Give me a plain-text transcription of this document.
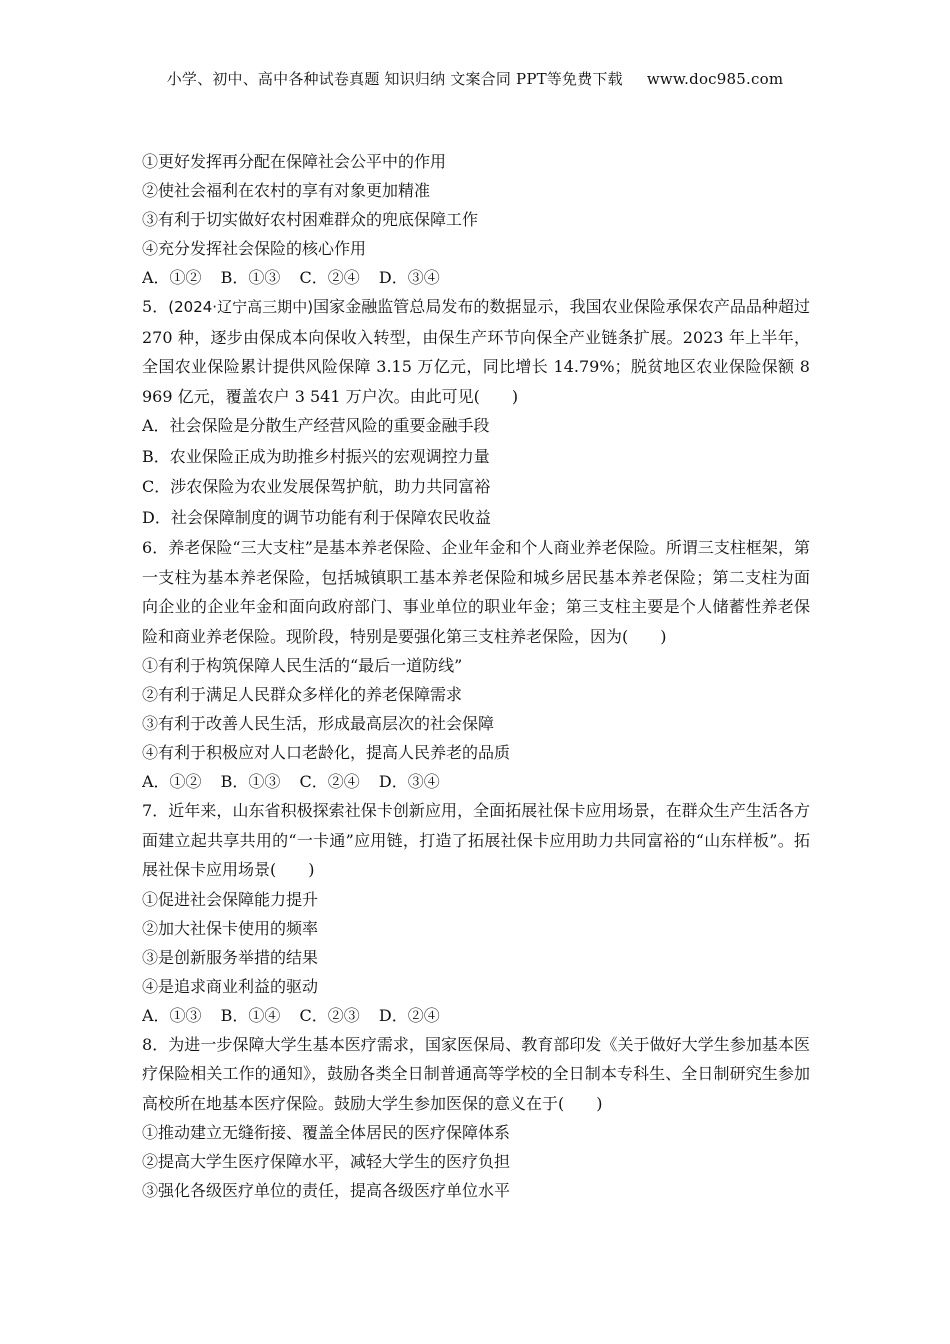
小学、初中、高中各种试卷真题 知识归纳 文案合同 PPT等免费下载 www.doc985.com
①更好发挥再分配在保障社会公平中的作用
②使社会福利在农村的享有对象更加精准
③有利于切实做好农村困难群众的兜底保障工作
④充分发挥社会保险的核心作用
A．①② B．①③ C．②④ D．③④
5．(2024·辽宁高三期中)国家金融监管总局发布的数据显示，我国农业保险承保农产品品种超过 270 种，逐步由保成本向保收入转型，由保生产环节向保全产业链条扩展。2023 年上半年，全国农业保险累计提供风险保障 3.15 万亿元，同比增长 14.79%；脱贫地区农业保险保额 8 969 亿元，覆盖农户 3 541 万户次。由此可见(　　)
A．社会保险是分散生产经营风险的重要金融手段
B．农业保险正成为助推乡村振兴的宏观调控力量
C．涉农保险为农业发展保驾护航，助力共同富裕
D．社会保障制度的调节功能有利于保障农民收益
6．养老保险“三大支柱”是基本养老保险、企业年金和个人商业养老保险。所谓三支柱框架，第一支柱为基本养老保险，包括城镇职工基本养老保险和城乡居民基本养老保险；第二支柱为面向企业的企业年金和面向政府部门、事业单位的职业年金；第三支柱主要是个人储蓄性养老保险和商业养老保险。现阶段，特别是要强化第三支柱养老保险，因为(　　)
①有利于构筑保障人民生活的“最后一道防线”
②有利于满足人民群众多样化的养老保障需求
③有利于改善人民生活，形成最高层次的社会保障
④有利于积极应对人口老龄化，提高人民养老的品质
A．①② B．①③ C．②④ D．③④
7．近年来，山东省积极探索社保卡创新应用，全面拓展社保卡应用场景，在群众生产生活各方面建立起共享共用的“一卡通”应用链，打造了拓展社保卡应用助力共同富裕的“山东样板”。拓展社保卡应用场景(　　)
①促进社会保障能力提升
②加大社保卡使用的频率
③是创新服务举措的结果
④是追求商业利益的驱动
A．①③ B．①④ C．②③ D．②④
8．为进一步保障大学生基本医疗需求，国家医保局、教育部印发《关于做好大学生参加基本医疗保险相关工作的通知》，鼓励各类全日制普通高等学校的全日制本专科生、全日制研究生参加高校所在地基本医疗保险。鼓励大学生参加医保的意义在于(　　)
①推动建立无缝衔接、覆盖全体居民的医疗保障体系
②提高大学生医疗保障水平，减轻大学生的医疗负担
③强化各级医疗单位的责任，提高各级医疗单位水平
